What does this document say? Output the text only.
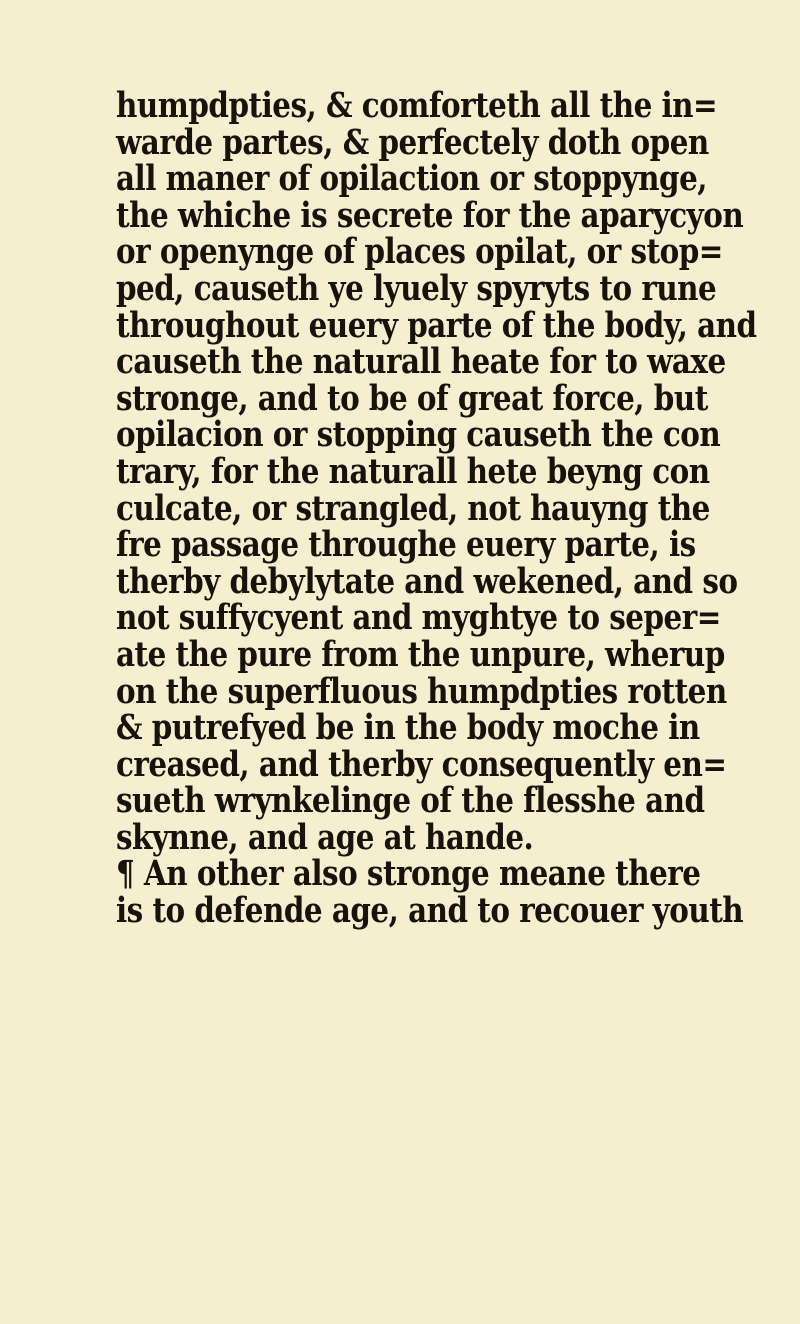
humpdpties, & comforteth all the in=
warde partes, & perfectely doth open
all maner of opilaction or stoppynge,
the whiche is secrete for the aparycyon
or openynge of places opilat, or stop=
ped, causeth ye lyuely spyryts to rune
throughout euery parte of the body, and
causeth the naturall heate for to waxe
stronge, and to be of great force, but
opilacion or stopping causeth the con
trary, for the naturall hete beyng con
culcate, or strangled, not hauyng the
fre passage throughe euery parte, is
therby debylytate and wekened, and so
not suffycyent and myghtye to seper=
ate the pure from the unpure, wherup
on the superfluous humpdpties rotten
& putrefyed be in the body moche in
creased, and therby consequently en=
sueth wrynkelinge of the flesshe and
skynne, and age at hande.
¶ An other also stronge meane there
is to defende age, and to recouer youth
